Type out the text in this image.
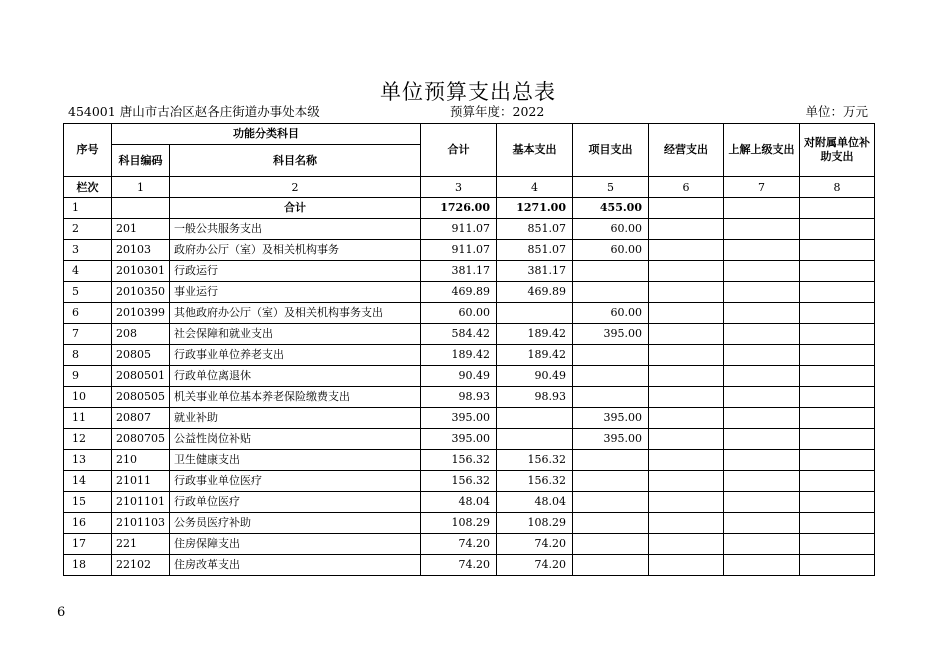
单位预算支出总表
454001 唐山市古冶区赵各庄街道办事处本级	预算年度：2022	单位：万元
序号	功能分类科目		合计	基本支出	项目支出	经营支出	上解上级支出	对附属单位补助支出
	科目编码	科目名称						
栏次	1	2	3	4	5	6	7	8
1		合计	1726.00	1271.00	455.00			
2	201	一般公共服务支出	911.07	851.07	60.00			
3	20103	政府办公厅（室）及相关机构事务	911.07	851.07	60.00			
4	2010301	行政运行	381.17	381.17				
5	2010350	事业运行	469.89	469.89				
6	2010399	其他政府办公厅（室）及相关机构事务支出	60.00		60.00			
7	208	社会保障和就业支出	584.42	189.42	395.00			
8	20805	行政事业单位养老支出	189.42	189.42				
9	2080501	行政单位离退休	90.49	90.49				
10	2080505	机关事业单位基本养老保险缴费支出	98.93	98.93				
11	20807	就业补助	395.00		395.00			
12	2080705	公益性岗位补贴	395.00		395.00			
13	210	卫生健康支出	156.32	156.32				
14	21011	行政事业单位医疗	156.32	156.32				
15	2101101	行政单位医疗	48.04	48.04				
16	2101103	公务员医疗补助	108.29	108.29				
17	221	住房保障支出	74.20	74.20				
18	22102	住房改革支出	74.20	74.20				
6
